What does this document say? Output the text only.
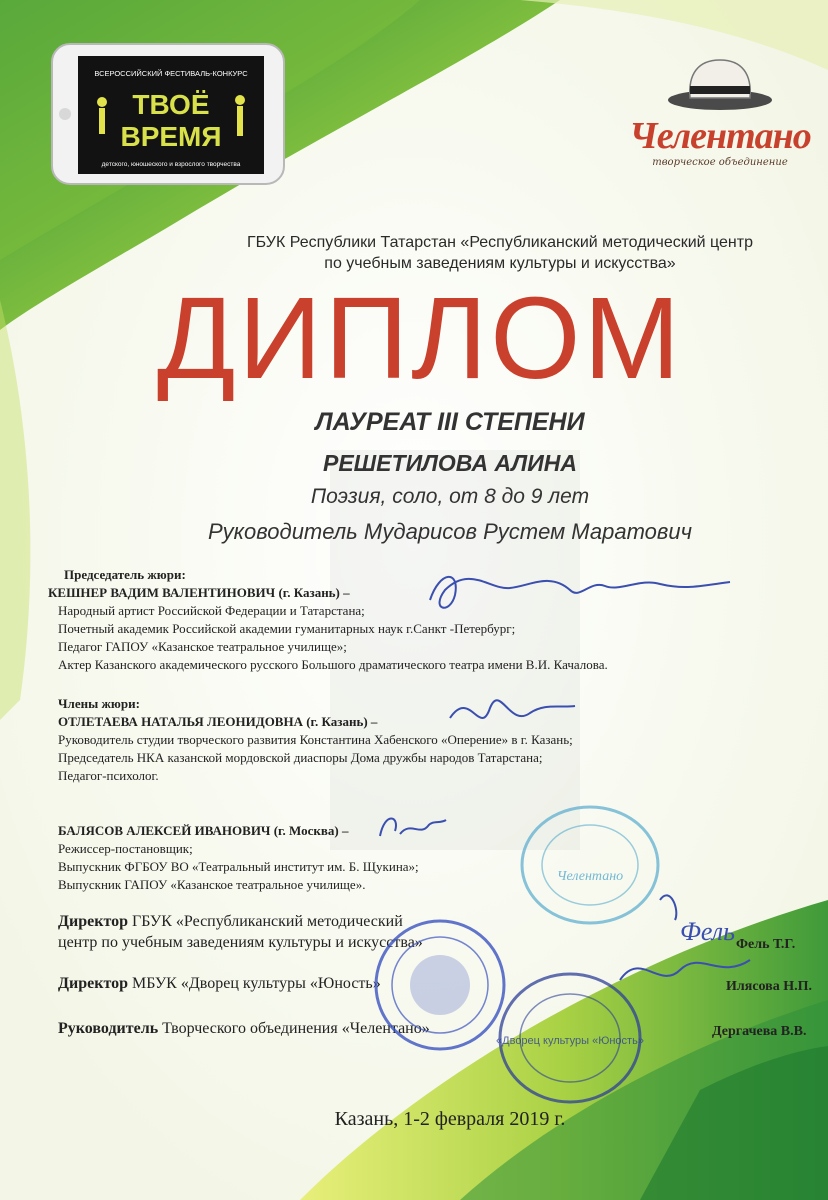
ВСЕРОССИЙСКИЙ ФЕСТИВАЛЬ-КОНКУРС
ТВОЁ
ВРЕМЯ
детского, юношеского и взрослого творчества
Челентано
творческое объединение
ГБУК Республики Татарстан «Республиканский методический центр
по учебным заведениям культуры и искусства»
ДИПЛОМ
ЛАУРЕАТ III СТЕПЕНИ
РЕШЕТИЛОВА АЛИНА
Поэзия, соло, от 8 до 9 лет
Руководитель Мударисов Рустем Маратович
Председатель жюри:
КЕШНЕР ВАДИМ ВАЛЕНТИНОВИЧ (г. Казань) –
Народный артист Российской Федерации и Татарстана;
Почетный академик Российской академии гуманитарных наук г.Санкт -Петербург;
Педагог ГАПОУ «Казанское театральное училище»;
Актер Казанского академического русского Большого драматического театра имени В.И. Качалова.
Члены жюри:
ОТЛЕТАЕВА НАТАЛЬЯ ЛЕОНИДОВНА (г. Казань) –
Руководитель студии творческого развития Константина Хабенского «Оперение» в г. Казань;
Председатель НКА казанской мордовской диаспоры Дома дружбы народов Татарстана;
Педагог-психолог.
БАЛЯСОВ АЛЕКСЕЙ ИВАНОВИЧ (г. Москва) –
Режиссер-постановщик;
Выпускник ФГБОУ ВО «Театральный институт им. Б. Щукина»;
Выпускник ГАПОУ «Казанское театральное училище».
Директор ГБУК «Республиканский методический
центр по учебным заведениям культуры и искусства»	Фель Т.Г.
Директор МБУК «Дворец культуры «Юность»	Илясова Н.П.
Руководитель Творческого объединения «Челентано»	Дергачева В.В.
«Дворец культуры «Юность»
Челентано
Фель
Казань, 1-2 февраля 2019 г.
